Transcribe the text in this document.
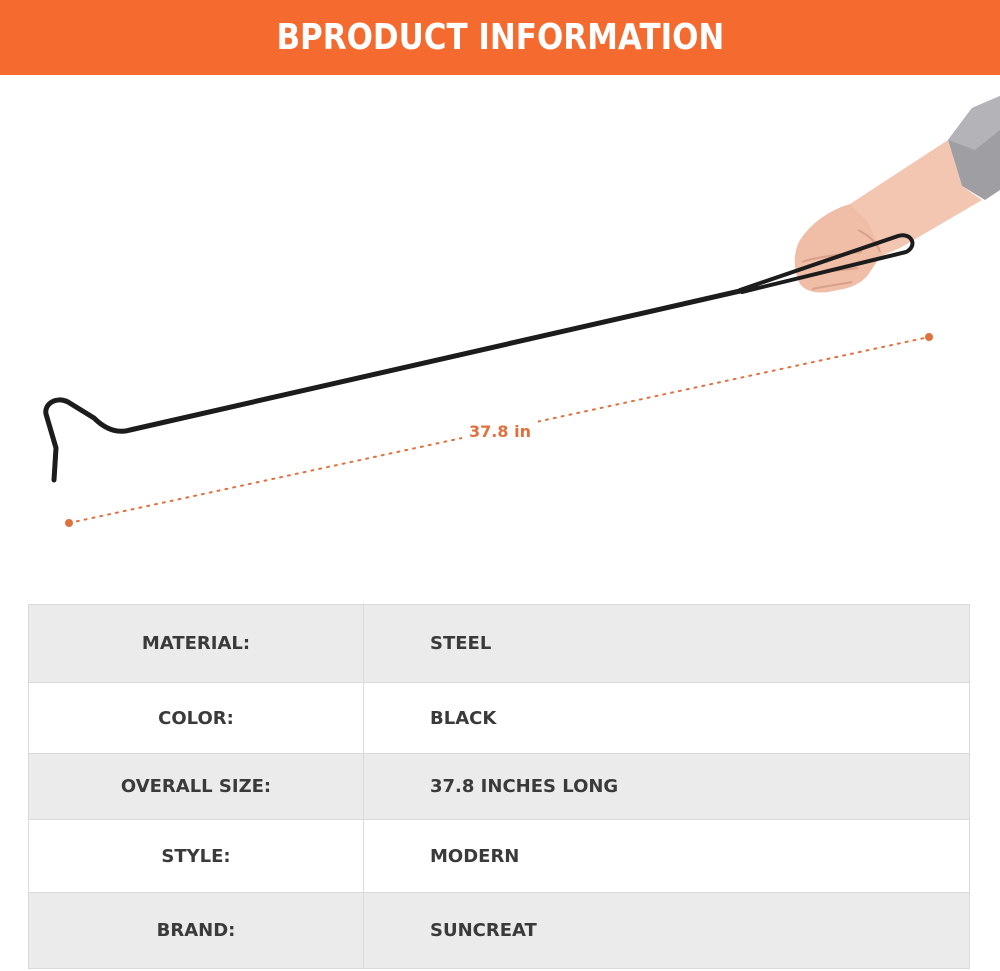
BPRODUCT INFORMATION
37.8 in
MATERIAL:	STEEL
COLOR:	BLACK
OVERALL SIZE:	37.8 INCHES LONG
STYLE:	MODERN
BRAND:	SUNCREAT
